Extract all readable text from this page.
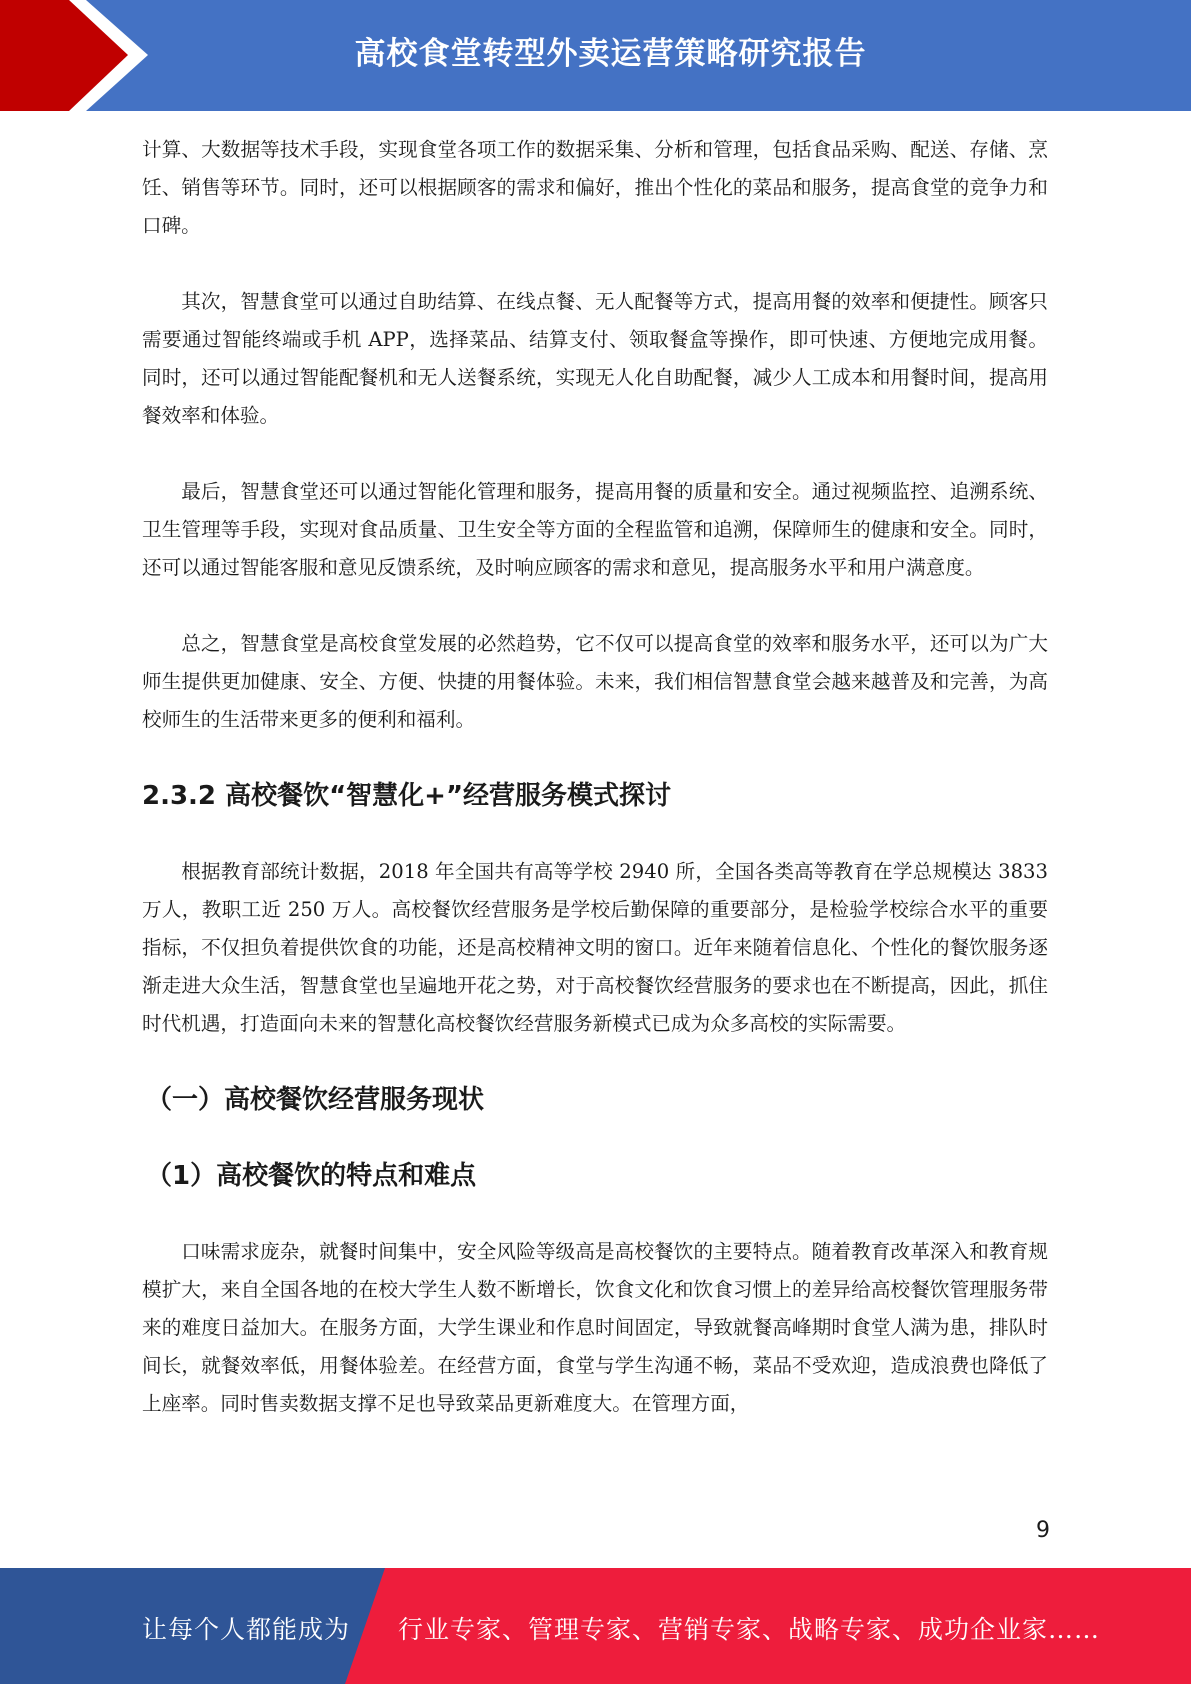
高校食堂转型外卖运营策略研究报告

计算、大数据等技术手段，实现食堂各项工作的数据采集、分析和管理，包括食品采购、配送、存储、烹饪、销售等环节。同时，还可以根据顾客的需求和偏好，推出个性化的菜品和服务，提高食堂的竞争力和口碑。

其次，智慧食堂可以通过自助结算、在线点餐、无人配餐等方式，提高用餐的效率和便捷性。顾客只需要通过智能终端或手机 APP，选择菜品、结算支付、领取餐盒等操作，即可快速、方便地完成用餐。同时，还可以通过智能配餐机和无人送餐系统，实现无人化自助配餐，减少人工成本和用餐时间，提高用餐效率和体验。

最后，智慧食堂还可以通过智能化管理和服务，提高用餐的质量和安全。通过视频监控、追溯系统、卫生管理等手段，实现对食品质量、卫生安全等方面的全程监管和追溯，保障师生的健康和安全。同时，还可以通过智能客服和意见反馈系统，及时响应顾客的需求和意见，提高服务水平和用户满意度。

总之，智慧食堂是高校食堂发展的必然趋势，它不仅可以提高食堂的效率和服务水平，还可以为广大师生提供更加健康、安全、方便、快捷的用餐体验。未来，我们相信智慧食堂会越来越普及和完善，为高校师生的生活带来更多的便利和福利。

2.3.2 高校餐饮“智慧化+”经营服务模式探讨

根据教育部统计数据，2018 年全国共有高等学校 2940 所，全国各类高等教育在学总规模达 3833 万人，教职工近 250 万人。高校餐饮经营服务是学校后勤保障的重要部分，是检验学校综合水平的重要指标，不仅担负着提供饮食的功能，还是高校精神文明的窗口。近年来随着信息化、个性化的餐饮服务逐渐走进大众生活，智慧食堂也呈遍地开花之势，对于高校餐饮经营服务的要求也在不断提高，因此，抓住时代机遇，打造面向未来的智慧化高校餐饮经营服务新模式已成为众多高校的实际需要。

（一）高校餐饮经营服务现状
（1）高校餐饮的特点和难点

口味需求庞杂，就餐时间集中，安全风险等级高是高校餐饮的主要特点。随着教育改革深入和教育规模扩大，来自全国各地的在校大学生人数不断增长，饮食文化和饮食习惯上的差异给高校餐饮管理服务带来的难度日益加大。在服务方面，大学生课业和作息时间固定，导致就餐高峰期时食堂人满为患，排队时间长，就餐效率低，用餐体验差。在经营方面，食堂与学生沟通不畅，菜品不受欢迎，造成浪费也降低了上座率。同时售卖数据支撑不足也导致菜品更新难度大。在管理方面，

9
让每个人都能成为 行业专家、管理专家、营销专家、战略专家、成功企业家……
